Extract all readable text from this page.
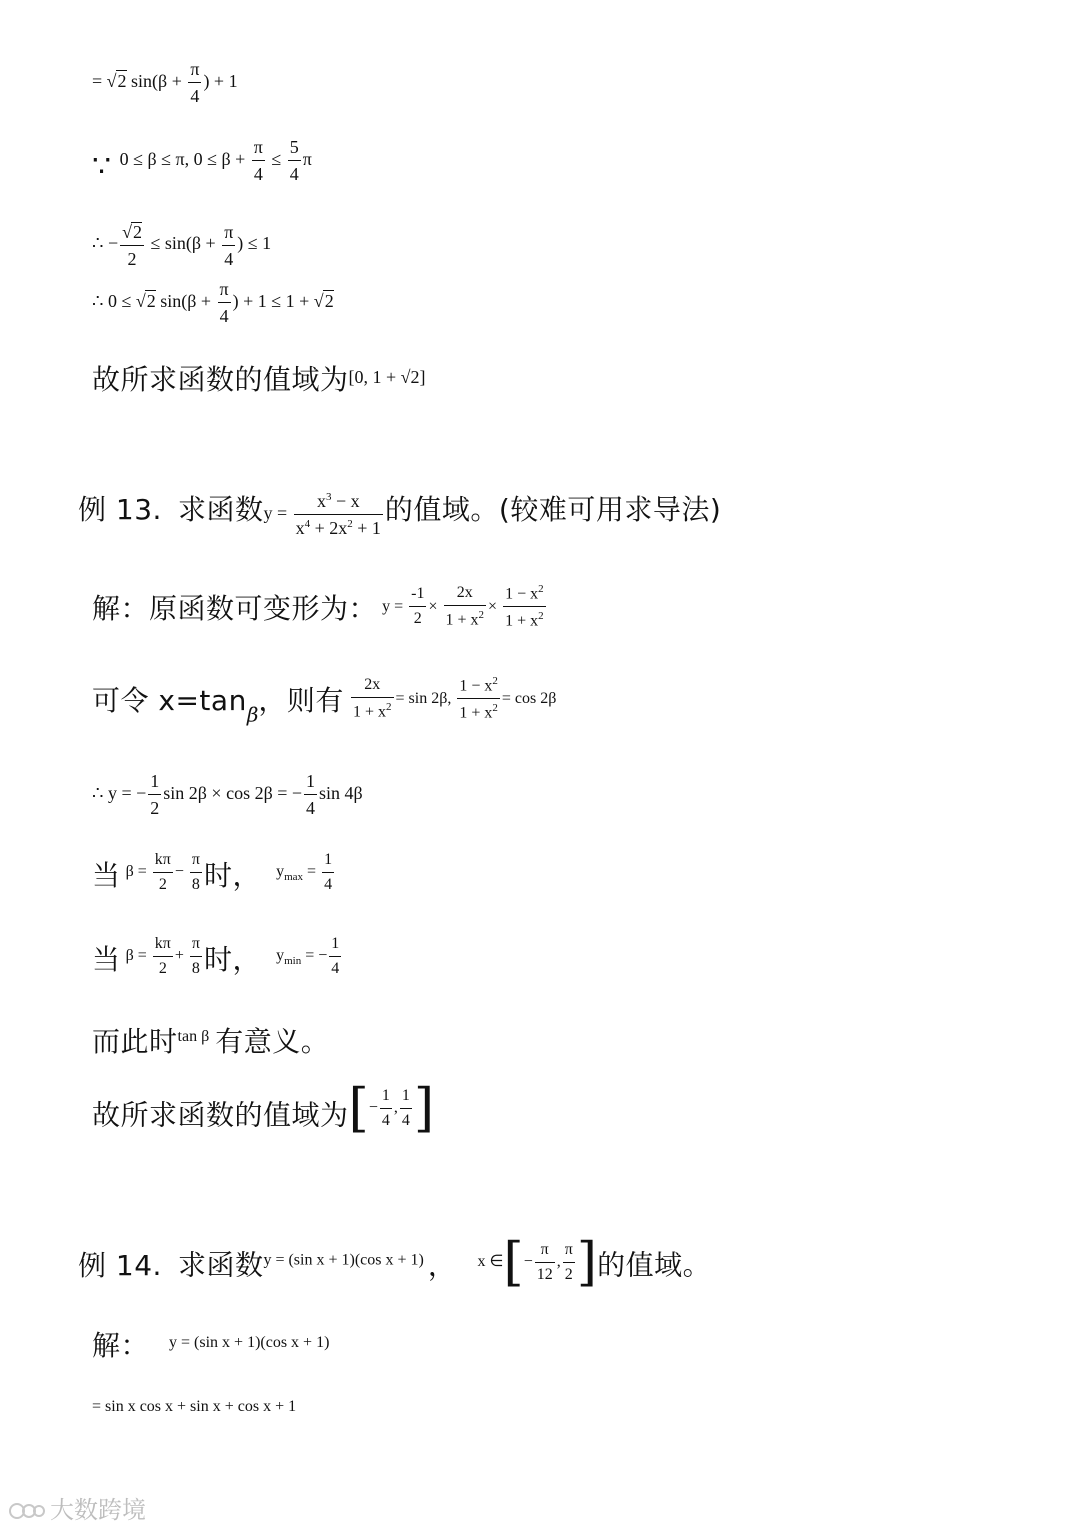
= √2 $\sin(\beta + \frac{\pi}{4}$ ) + 1
∵ 0 ≤ β ≤ π, $0 \le \beta + \frac{\pi}{4} \le \frac{5}{4}$ π
∴ − $\frac{√2}{2} \le \sin(\beta + \frac{\pi}{4}$ ) ≤ 1
∴ 0 ≤ √2 $\sin(\beta + \frac{\pi}{4}$ ) + 1 ≤ 1 + √2
故所求函数的值域为[0, 1 + √2]
例 13. 求函数$y = \frac{x^3 - x}{x^4 + 2x^2 + 1}$ 的值域。(较难可用求导法)
解：原函数可变形为： $y = \frac{-1}{2} \times \frac{2x}{1 + x^2} \times \frac{1 - x^2}{1 + x^2}$
可令 x=tanβ，则有 $\frac{2x}{1 + x^2} = \sin 2\beta$, $\frac{1 - x^2}{1 + x^2} = \cos 2\beta$
∴ y = − $\frac{1}{2}$ sin 2β × cos 2β = − $\frac{1}{4}$ sin 4β
当 $\beta = \frac{k\pi}{2} - \frac{\pi}{8}$ 时， $y_{max} = \frac{1}{4}$
当 $\beta = \frac{k\pi}{2} + \frac{\pi}{8}$ 时， $y_{min}$ = − $\frac{1}{4}$
而此时tan β 有意义。
故所求函数的值域为[− $\frac{1}{4}$ , $\frac{1}{4}$ ]
例 14. 求函数y = (sin x + 1)(cos x + 1) ， x ∈[− $\frac{\pi}{12}$ , $\frac{\pi}{2}$ ]的值域。
解： y = (sin x + 1)(cos x + 1)
= sin x cos x + sin x + cos x + 1
大数跨境
